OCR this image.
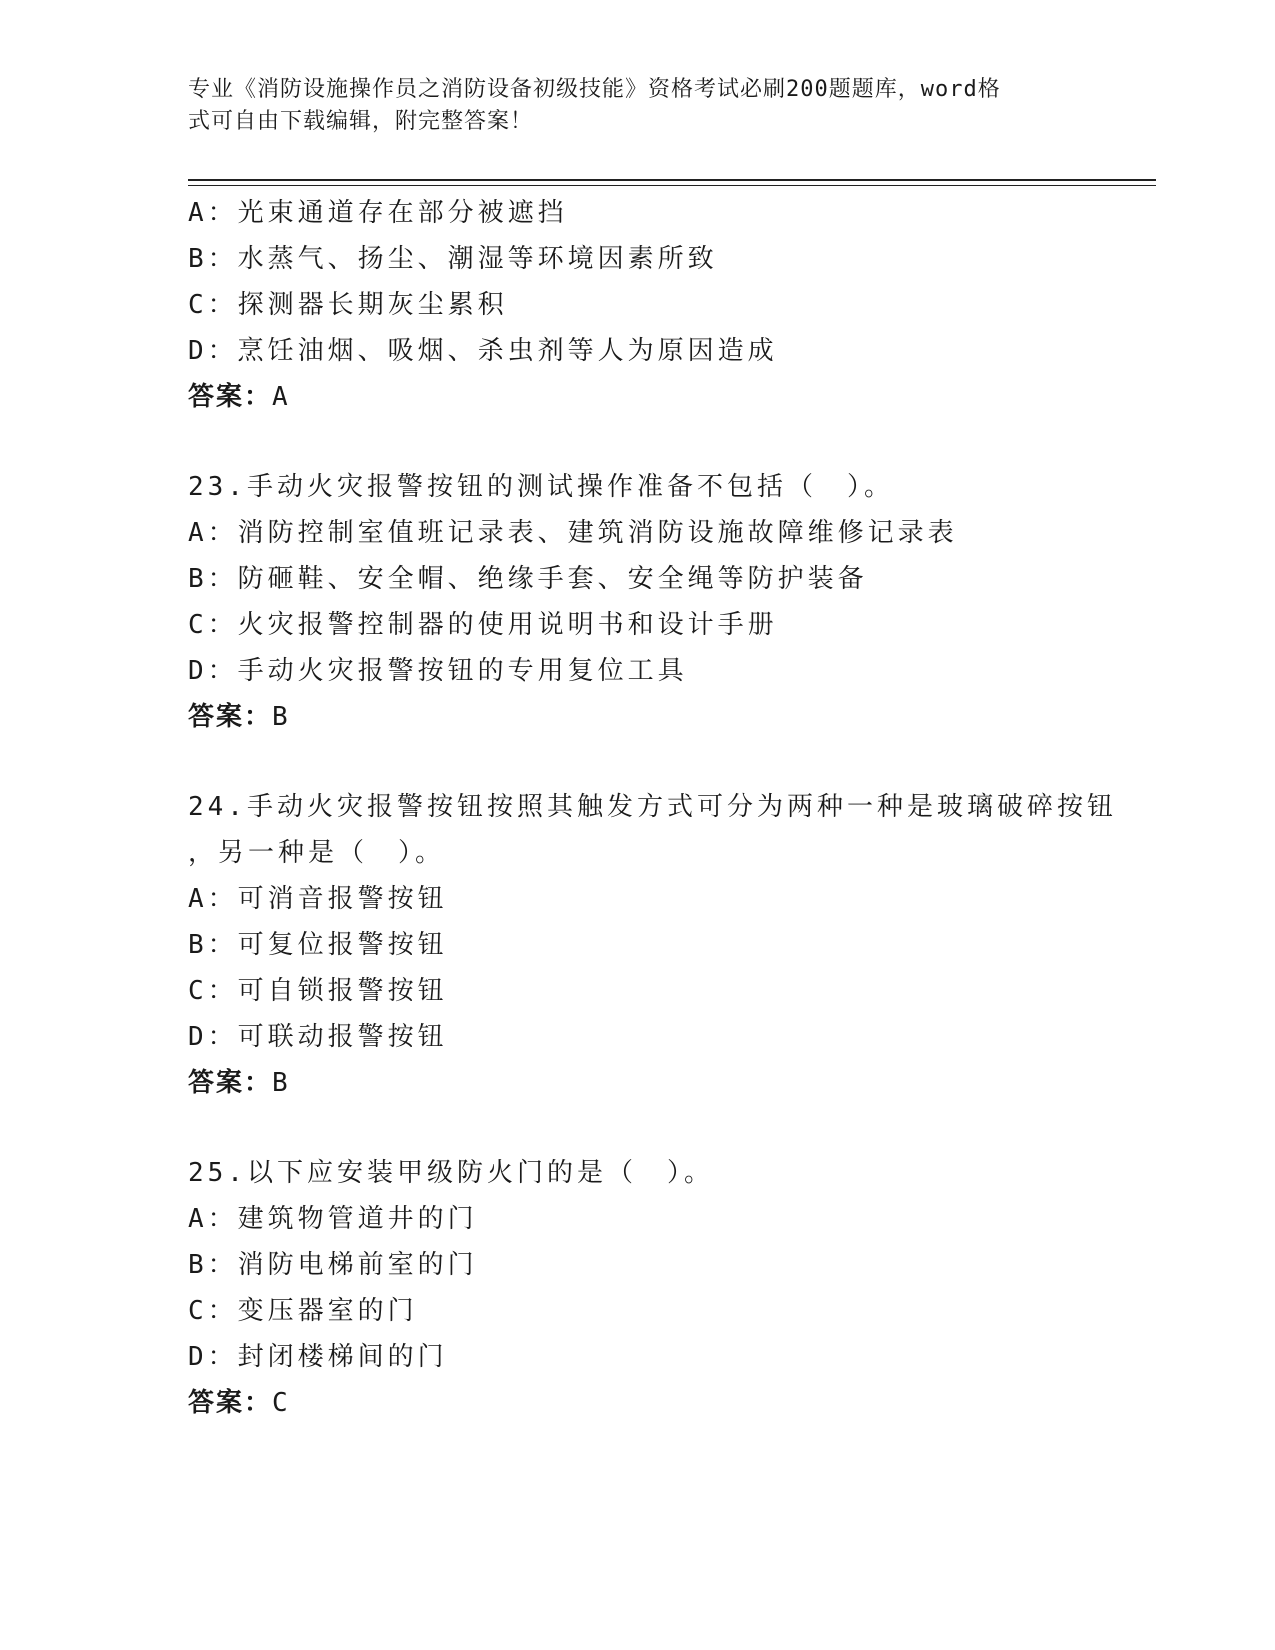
专业《消防设施操作员之消防设备初级技能》资格考试必刷200题题库，word格
式可自由下载编辑，附完整答案！
A：光束通道存在部分被遮挡
B：水蒸气、扬尘、潮湿等环境因素所致
C：探测器长期灰尘累积
D：烹饪油烟、吸烟、杀虫剂等人为原因造成
答案：A
23.手动火灾报警按钮的测试操作准备不包括（　）。
A：消防控制室值班记录表、建筑消防设施故障维修记录表
B：防砸鞋、安全帽、绝缘手套、安全绳等防护装备
C：火灾报警控制器的使用说明书和设计手册
D：手动火灾报警按钮的专用复位工具
答案：B
24.手动火灾报警按钮按照其触发方式可分为两种一种是玻璃破碎按钮
，另一种是（　）。
A：可消音报警按钮
B：可复位报警按钮
C：可自锁报警按钮
D：可联动报警按钮
答案：B
25.以下应安装甲级防火门的是（　）。
A：建筑物管道井的门
B：消防电梯前室的门
C：变压器室的门
D：封闭楼梯间的门
答案：C
